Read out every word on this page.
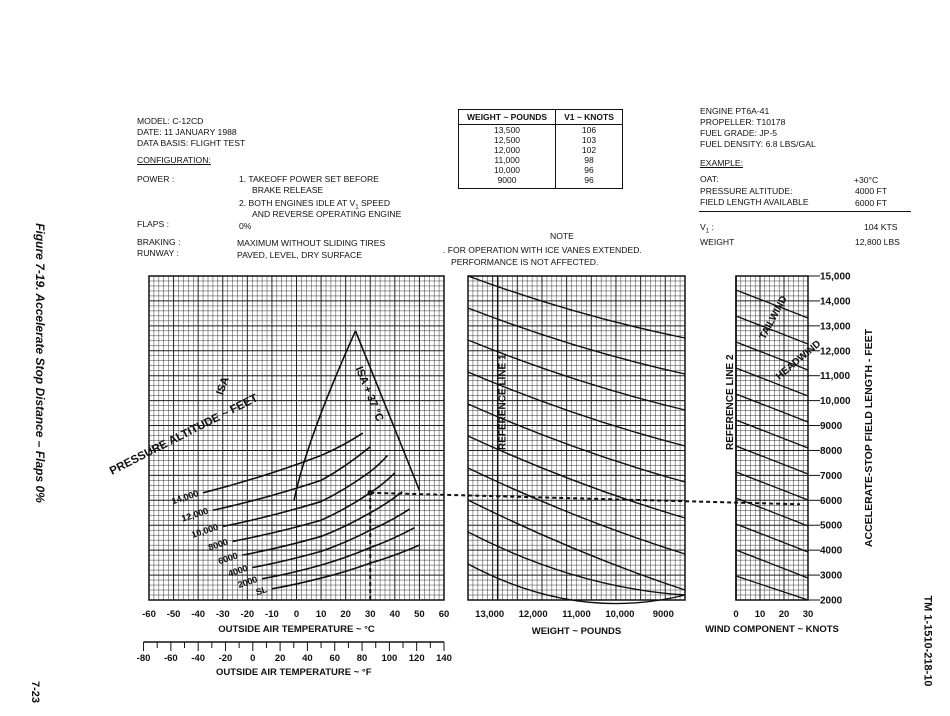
MODEL: C-12CD
DATE: 11 JANUARY 1988
DATA BASIS: FLIGHT TEST
CONFIGURATION:
POWER :	1. TAKEOFF POWER SET BEFORE
BRAKE RELEASE
2. BOTH ENGINES IDLE AT $V_1$ SPEED
AND REVERSE OPERATING ENGINE
FLAPS :	0%
BRAKING :	MAXIMUM WITHOUT SLIDING TIRES
RUNWAY :	PAVED, LEVEL, DRY SURFACE
WEIGHT ~ POUNDS	V1 ~ KNOTS
13,500	106
12,500	103
12,000	102
11,000	98
10,000	96
9000	96
NOTE
. FOR OPERATION WITH ICE VANES EXTENDED.
PERFORMANCE IS NOT AFFECTED.
ENGINE PT6A-41
PROPELLER: T10178
FUEL GRADE: JP-5
FUEL DENSITY: 6.8 LBS/GAL
EXAMPLE:
OAT:	+30°C
PRESSURE ALTITUDE:	4000 FT
FIELD LENGTH AVAILABLE	6000 FT
$V_1$ :	104 KTS
WEIGHT	12,800 LBS
Figure 7-19. Accelerate Stop Distance – Flaps 0%
TM 1-1510-218-10
7-23
-60 -50 -40 -30 -20 -10 0 10 20 30 40 50 60
OUTSIDE AIR TEMPERATURE ~ °C
-80 -60 -40 -20 0 20 40 60 80 100 120 140
OUTSIDE AIR TEMPERATURE ~ °F
SL
2000
4000
6000
8000
10,000
12,000
14,000
ISA	ISA + 37 °C
PRESSURE ALTITUDE ~ FEET
13,000 12,000 11,000 10,000 9000
WEIGHT ~ POUNDS
REFERENCE LINE 1
0 10 20 30
WIND COMPONENT ~ KNOTS
REFERENCE LINE 2
TAILWIND
HEADWIND
2000
3000
4000
5000
6000
7000
8000
9000
10,000
11,000
12,000
13,000
14,000
15,000
ACCELERATE-STOP FIELD LENGTH - FEET
